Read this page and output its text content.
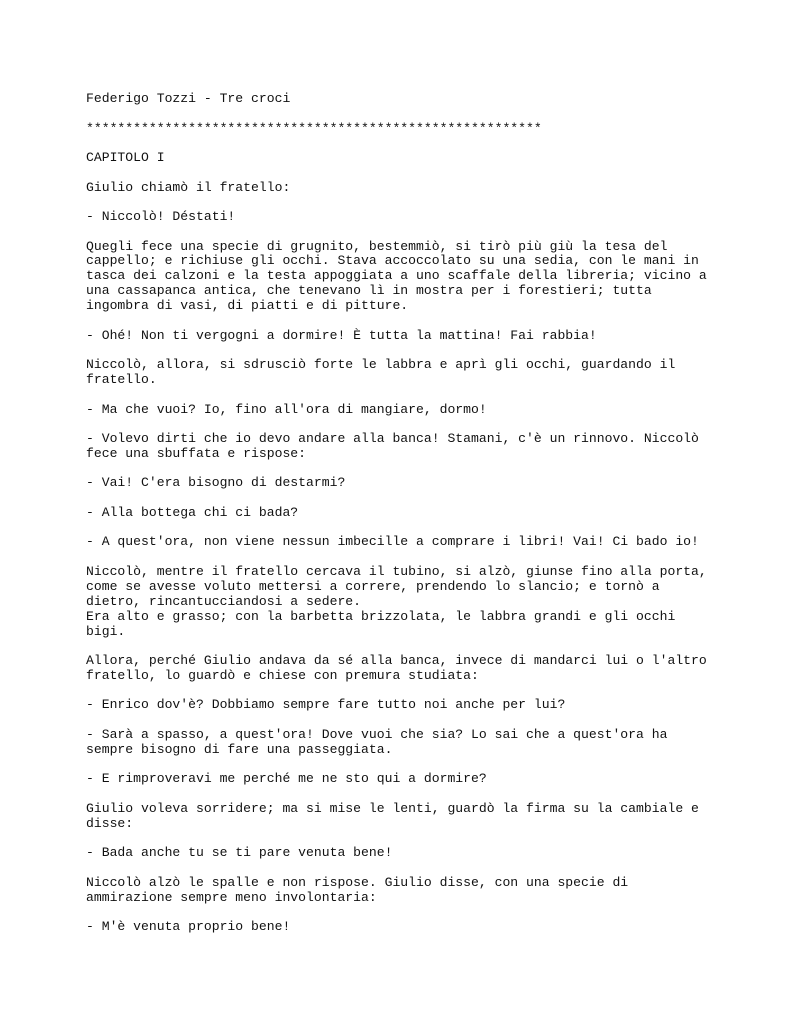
Federigo Tozzi - Tre croci

**********************************************************

CAPITOLO I

Giulio chiamò il fratello:

- Niccolò! Déstati!

Quegli fece una specie di grugnito, bestemmiò, si tirò più giù la tesa del
cappello; e richiuse gli occhi. Stava accoccolato su una sedia, con le mani in
tasca dei calzoni e la testa appoggiata a uno scaffale della libreria; vicino a
una cassapanca antica, che tenevano lì in mostra per i forestieri; tutta
ingombra di vasi, di piatti e di pitture.

- Ohé! Non ti vergogni a dormire! È tutta la mattina! Fai rabbia!

Niccolò, allora, si sdrusciò forte le labbra e aprì gli occhi, guardando il
fratello.

- Ma che vuoi? Io, fino all'ora di mangiare, dormo!

- Volevo dirti che io devo andare alla banca! Stamani, c'è un rinnovo. Niccolò
fece una sbuffata e rispose:

- Vai! C'era bisogno di destarmi?

- Alla bottega chi ci bada?

- A quest'ora, non viene nessun imbecille a comprare i libri! Vai! Ci bado io!

Niccolò, mentre il fratello cercava il tubino, si alzò, giunse fino alla porta,
come se avesse voluto mettersi a correre, prendendo lo slancio; e tornò a
dietro, rincantucciandosi a sedere.
Era alto e grasso; con la barbetta brizzolata, le labbra grandi e gli occhi
bigi.

Allora, perché Giulio andava da sé alla banca, invece di mandarci lui o l'altro
fratello, lo guardò e chiese con premura studiata:

- Enrico dov'è? Dobbiamo sempre fare tutto noi anche per lui?

- Sarà a spasso, a quest'ora! Dove vuoi che sia? Lo sai che a quest'ora ha
sempre bisogno di fare una passeggiata.

- E rimproveravi me perché me ne sto qui a dormire?

Giulio voleva sorridere; ma si mise le lenti, guardò la firma su la cambiale e
disse:

- Bada anche tu se ti pare venuta bene!

Niccolò alzò le spalle e non rispose. Giulio disse, con una specie di
ammirazione sempre meno involontaria:

- M'è venuta proprio bene!
